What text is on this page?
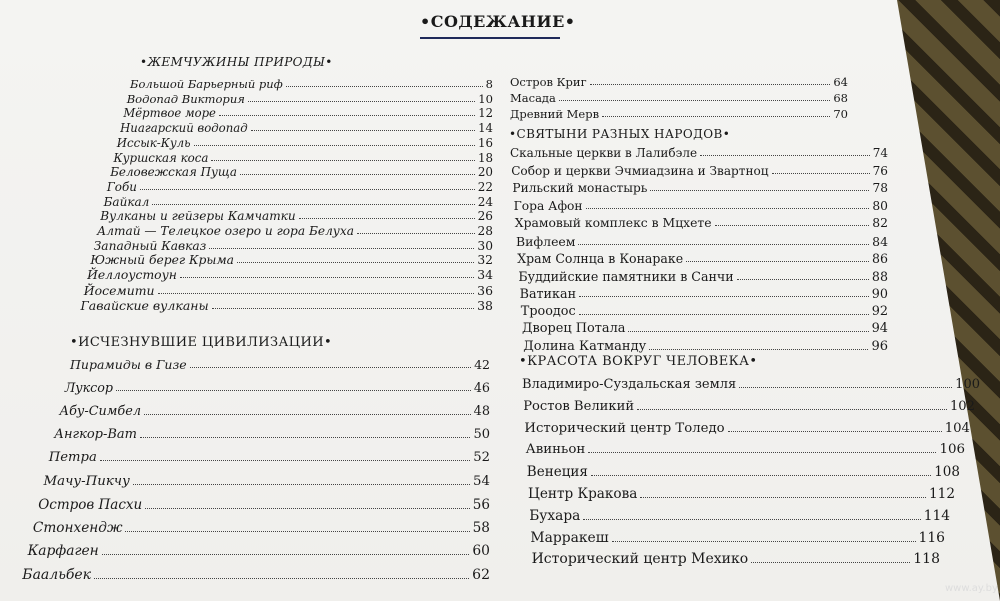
•СОДЕЖАНИЕ
•ЖЕМЧУЖИНЫ ПРИРОДЫ•
•ИСЧЕЗНУВШИЕ ЦИВИЛИЗАЦИИ•
•СВЯТЫНИ РАЗНЫХ НАРОДОВ•
•КРАСОТА ВОКРУГ ЧЕЛОВЕКА•
Большой Барьерный риф	8
Водопад Виктория	10
Мёртвое море	12
Ниагарский водопад	14
Иссык-Куль	16
Куршская коса	18
Беловежская Пуща	20
Гоби	22
Байкал	24
Вулканы и гейзеры Камчатки	26
Алтай — Телецкое озеро и гора Белуха	28
Западный Кавказ	30
Южный берег Крыма	32
Йеллоустоун	34
Йосемити	36
Гавайские вулканы	38
Пирамиды в Гизе	42
Луксор	46
Абу-Симбел	48
Ангкор-Ват	50
Петра	52
Мачу-Пикчу	54
Остров Пасхи	56
Стонхендж	58
Карфаген	60
Баальбек	62
Остров Криг	64
Масада	68
Древний Мерв	70
Скальные церкви в Лалибэле	74
Собор и церкви Эчмиадзина и Звартноц	76
Рильский монастырь	78
Гора Афон	80
Храмовый комплекс в Мцхете	82
Вифлеем	84
Храм Солнца в Конараке	86
Буддийские памятники в Санчи	88
Ватикан	90
Троодос	92
Дворец Потала	94
Долина Катманду	96
Владимиро-Суздальская земля	100
Ростов Великий	102
Исторический центр Толедо	104
Авиньон	106
Венеция	108
Центр Кракова	112
Бухара	114
Марракеш	116
Исторический центр Мехико	118
www.ay.by
